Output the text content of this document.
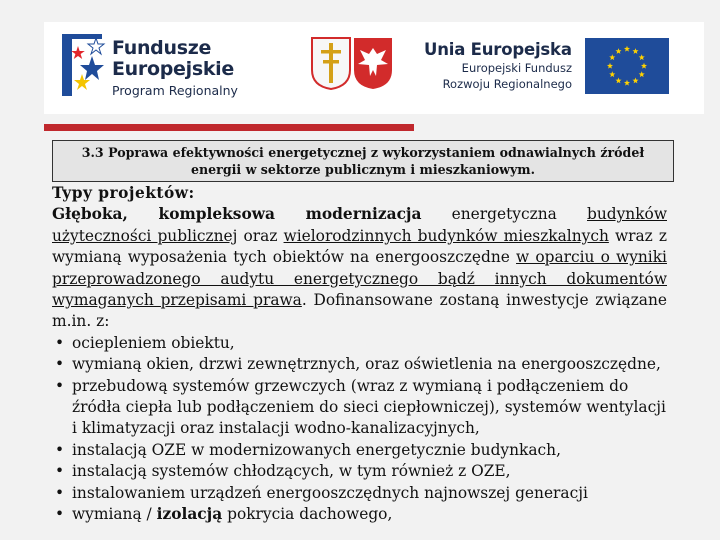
Fundusze
Europejskie
Program Regionalny
Unia Europejska
Europejski Fundusz
Rozwoju Regionalnego
3.3 Poprawa efektywności energetycznej z wykorzystaniem odnawialnych źródeł
energii w sektorze publicznym i mieszkaniowym.
Typy projektów:
Głęboka, kompleksowa modernizacja energetyczna budynków użyteczności publicznej oraz wielorodzinnych budynków mieszkalnych wraz z wymianą wyposażenia tych obiektów na energooszczędne w oparciu o wyniki przeprowadzonego audytu energetycznego bądź innych dokumentów wymaganych przepisami prawa. Dofinansowane zostaną inwestycje związane m.in. z:
• ociepleniem obiektu,
• wymianą okien, drzwi zewnętrznych, oraz oświetlenia na energooszczędne,
• przebudową systemów grzewczych (wraz z wymianą i podłączeniem do źródła ciepła lub podłączeniem do sieci ciepłowniczej), systemów wentylacji i klimatyzacji oraz instalacji wodno-kanalizacyjnych,
• instalacją OZE w modernizowanych energetycznie budynkach,
• instalacją systemów chłodzących, w tym również z OZE,
• instalowaniem urządzeń energooszczędnych najnowszej generacji
• wymianą / izolacją pokrycia dachowego,
